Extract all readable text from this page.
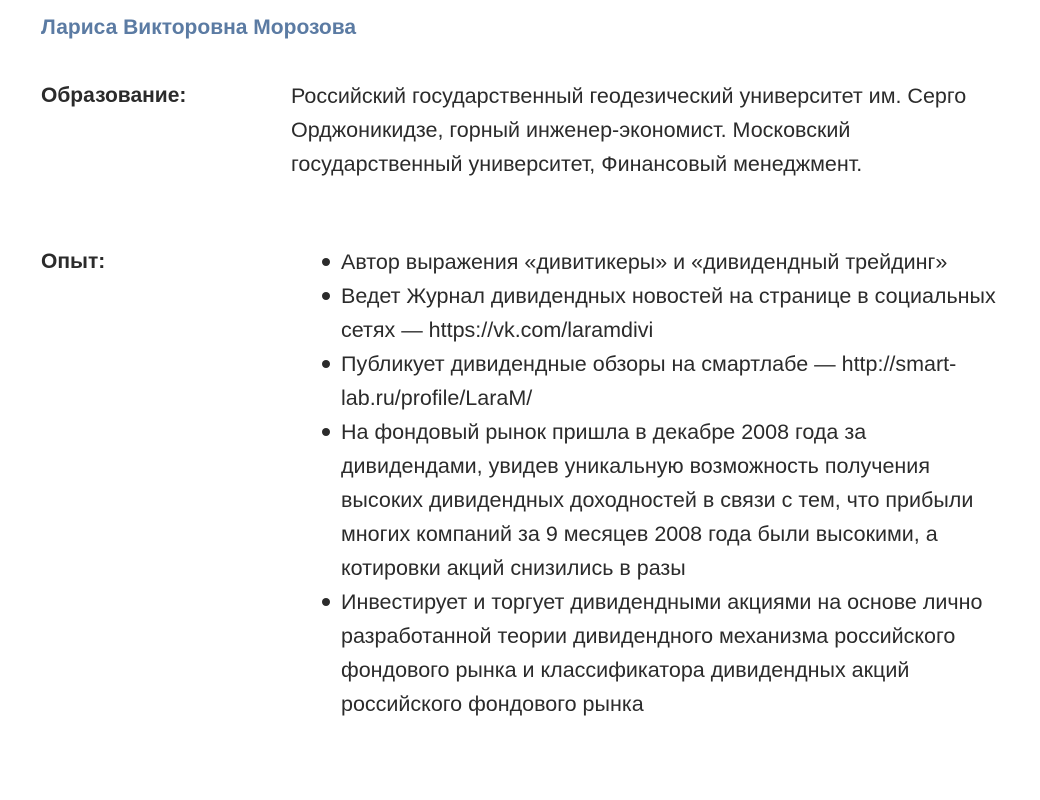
Лариса Викторовна Морозова
Образование:	Российский государственный геодезический университет им. Серго Орджоникидзе, горный инженер-экономист. Московский государственный университет, Финансовый менеджмент.
Опыт:	Автор выражения «дивитикеры» и «дивидендный трейдинг»
Ведет Журнал дивидендных новостей на странице в социальных сетях — https://vk.com/laramdivi
Публикует дивидендные обзоры на смартлабе — http://smart-lab.ru/profile/LaraM/
На фондовый рынок пришла в декабре 2008 года за дивидендами, увидев уникальную возможность получения высоких дивидендных доходностей в связи с тем, что прибыли многих компаний за 9 месяцев 2008 года были высокими, а котировки акций снизились в разы
Инвестирует и торгует дивидендными акциями на основе лично разработанной теории дивидендного механизма российского фондового рынка и классификатора дивидендных акций российского фондового рынка
